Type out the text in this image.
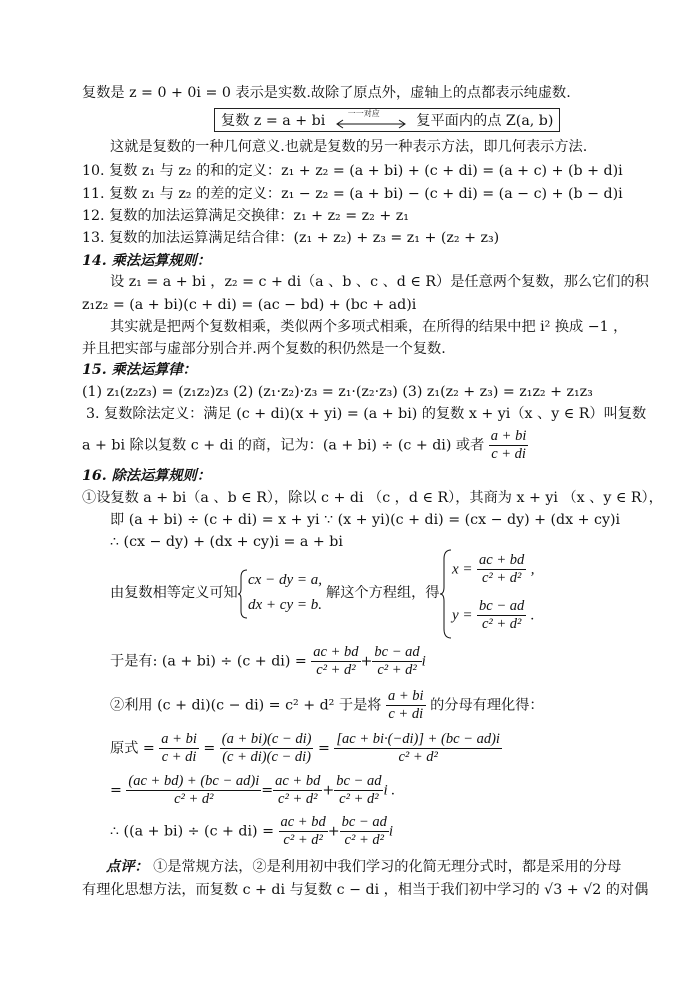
复数是 z = 0 + 0i = 0 表示是实数.故除了原点外，虚轴上的点都表示纯虚数.
复数 z = a + bi	一一对应	复平面内的点 Z(a, b)
这就是复数的一种几何意义.也就是复数的另一种表示方法，即几何表示方法.
10. 复数 z₁ 与 z₂ 的和的定义：z₁ + z₂ = (a + bi) + (c + di) = (a + c) + (b + d)i
11. 复数 z₁ 与 z₂ 的差的定义：z₁ − z₂ = (a + bi) − (c + di) = (a − c) + (b − d)i
12. 复数的加法运算满足交换律：z₁ + z₂ = z₂ + z₁
13. 复数的加法运算满足结合律：(z₁ + z₂) + z₃ = z₁ + (z₂ + z₃)
14. 乘法运算规则：
设 z₁ = a + bi ，z₂ = c + di（a 、b 、c 、d ∈ R）是任意两个复数，那么它们的积
z₁z₂ = (a + bi)(c + di) = (ac − bd) + (bc + ad)i
其实就是把两个复数相乘，类似两个多项式相乘，在所得的结果中把 i² 换成 −1 ，
并且把实部与虚部分别合并.两个复数的积仍然是一个复数.
15. 乘法运算律：
(1) z₁(z₂z₃) = (z₁z₂)z₃ (2) (z₁·z₂)·z₃ = z₁·(z₂·z₃) (3) z₁(z₂ + z₃) = z₁z₂ + z₁z₃
3. 复数除法定义：满足 (c + di)(x + yi) = (a + bi) 的复数 x + yi（x 、y ∈ R）叫复数
a + bi 除以复数 c + di 的商，记为：(a + bi) ÷ (c + di) 或者 $\frac{a + bi}{c + di}$
16. 除法运算规则：
①设复数 a + bi（a 、b ∈ R），除以 c + di （c ，d ∈ R），其商为 x + yi （x 、y ∈ R），
即 (a + bi) ÷ (c + di) = x + yi ∵ (x + yi)(c + di) = (cx − dy) + (dx + cy)i
∴ (cx − dy) + (dx + cy)i = a + bi
由复数相等定义可知
cx − dy = a,
dx + cy = b.
解这个方程组，得
$x = \frac{ac + bd}{\text{c² + d²}}$ ,
$y = \frac{bc - ad}{\text{c² + d²}}$ .
于是有: $(a + bi) \div (c + di) = \frac{ac + bd}{\text{c² + d²}} + \frac{bc - ad}{\text{c² + d²}}$ i
②利用 (c + di)(c − di) = c² + d² 于是将 $\frac{a + bi}{c + di}$ 的分母有理化得：
原式 = $\frac{a + bi}{c + di} = \frac{(a + bi)(c - di)}{(c + di)(c - di)} = \frac{[ac + bi\cdot(-di)] + (bc - ad)i}{\text{c² + d²}}$
= $\frac{(ac + bd) + (bc - ad)i}{\text{c² + d²}} = \frac{ac + bd}{\text{c² + d²}} + \frac{bc - ad}{\text{c² + d²}}$ i .
∴ ($(a + bi) \div (c + di) = \frac{ac + bd}{\text{c² + d²}} + \frac{bc - ad}{\text{c² + d²}}$ i
点评： ①是常规方法，②是利用初中我们学习的化简无理分式时，都是采用的分母
有理化思想方法，而复数 c + di 与复数 c − di ，相当于我们初中学习的 √3 + √2 的对偶
